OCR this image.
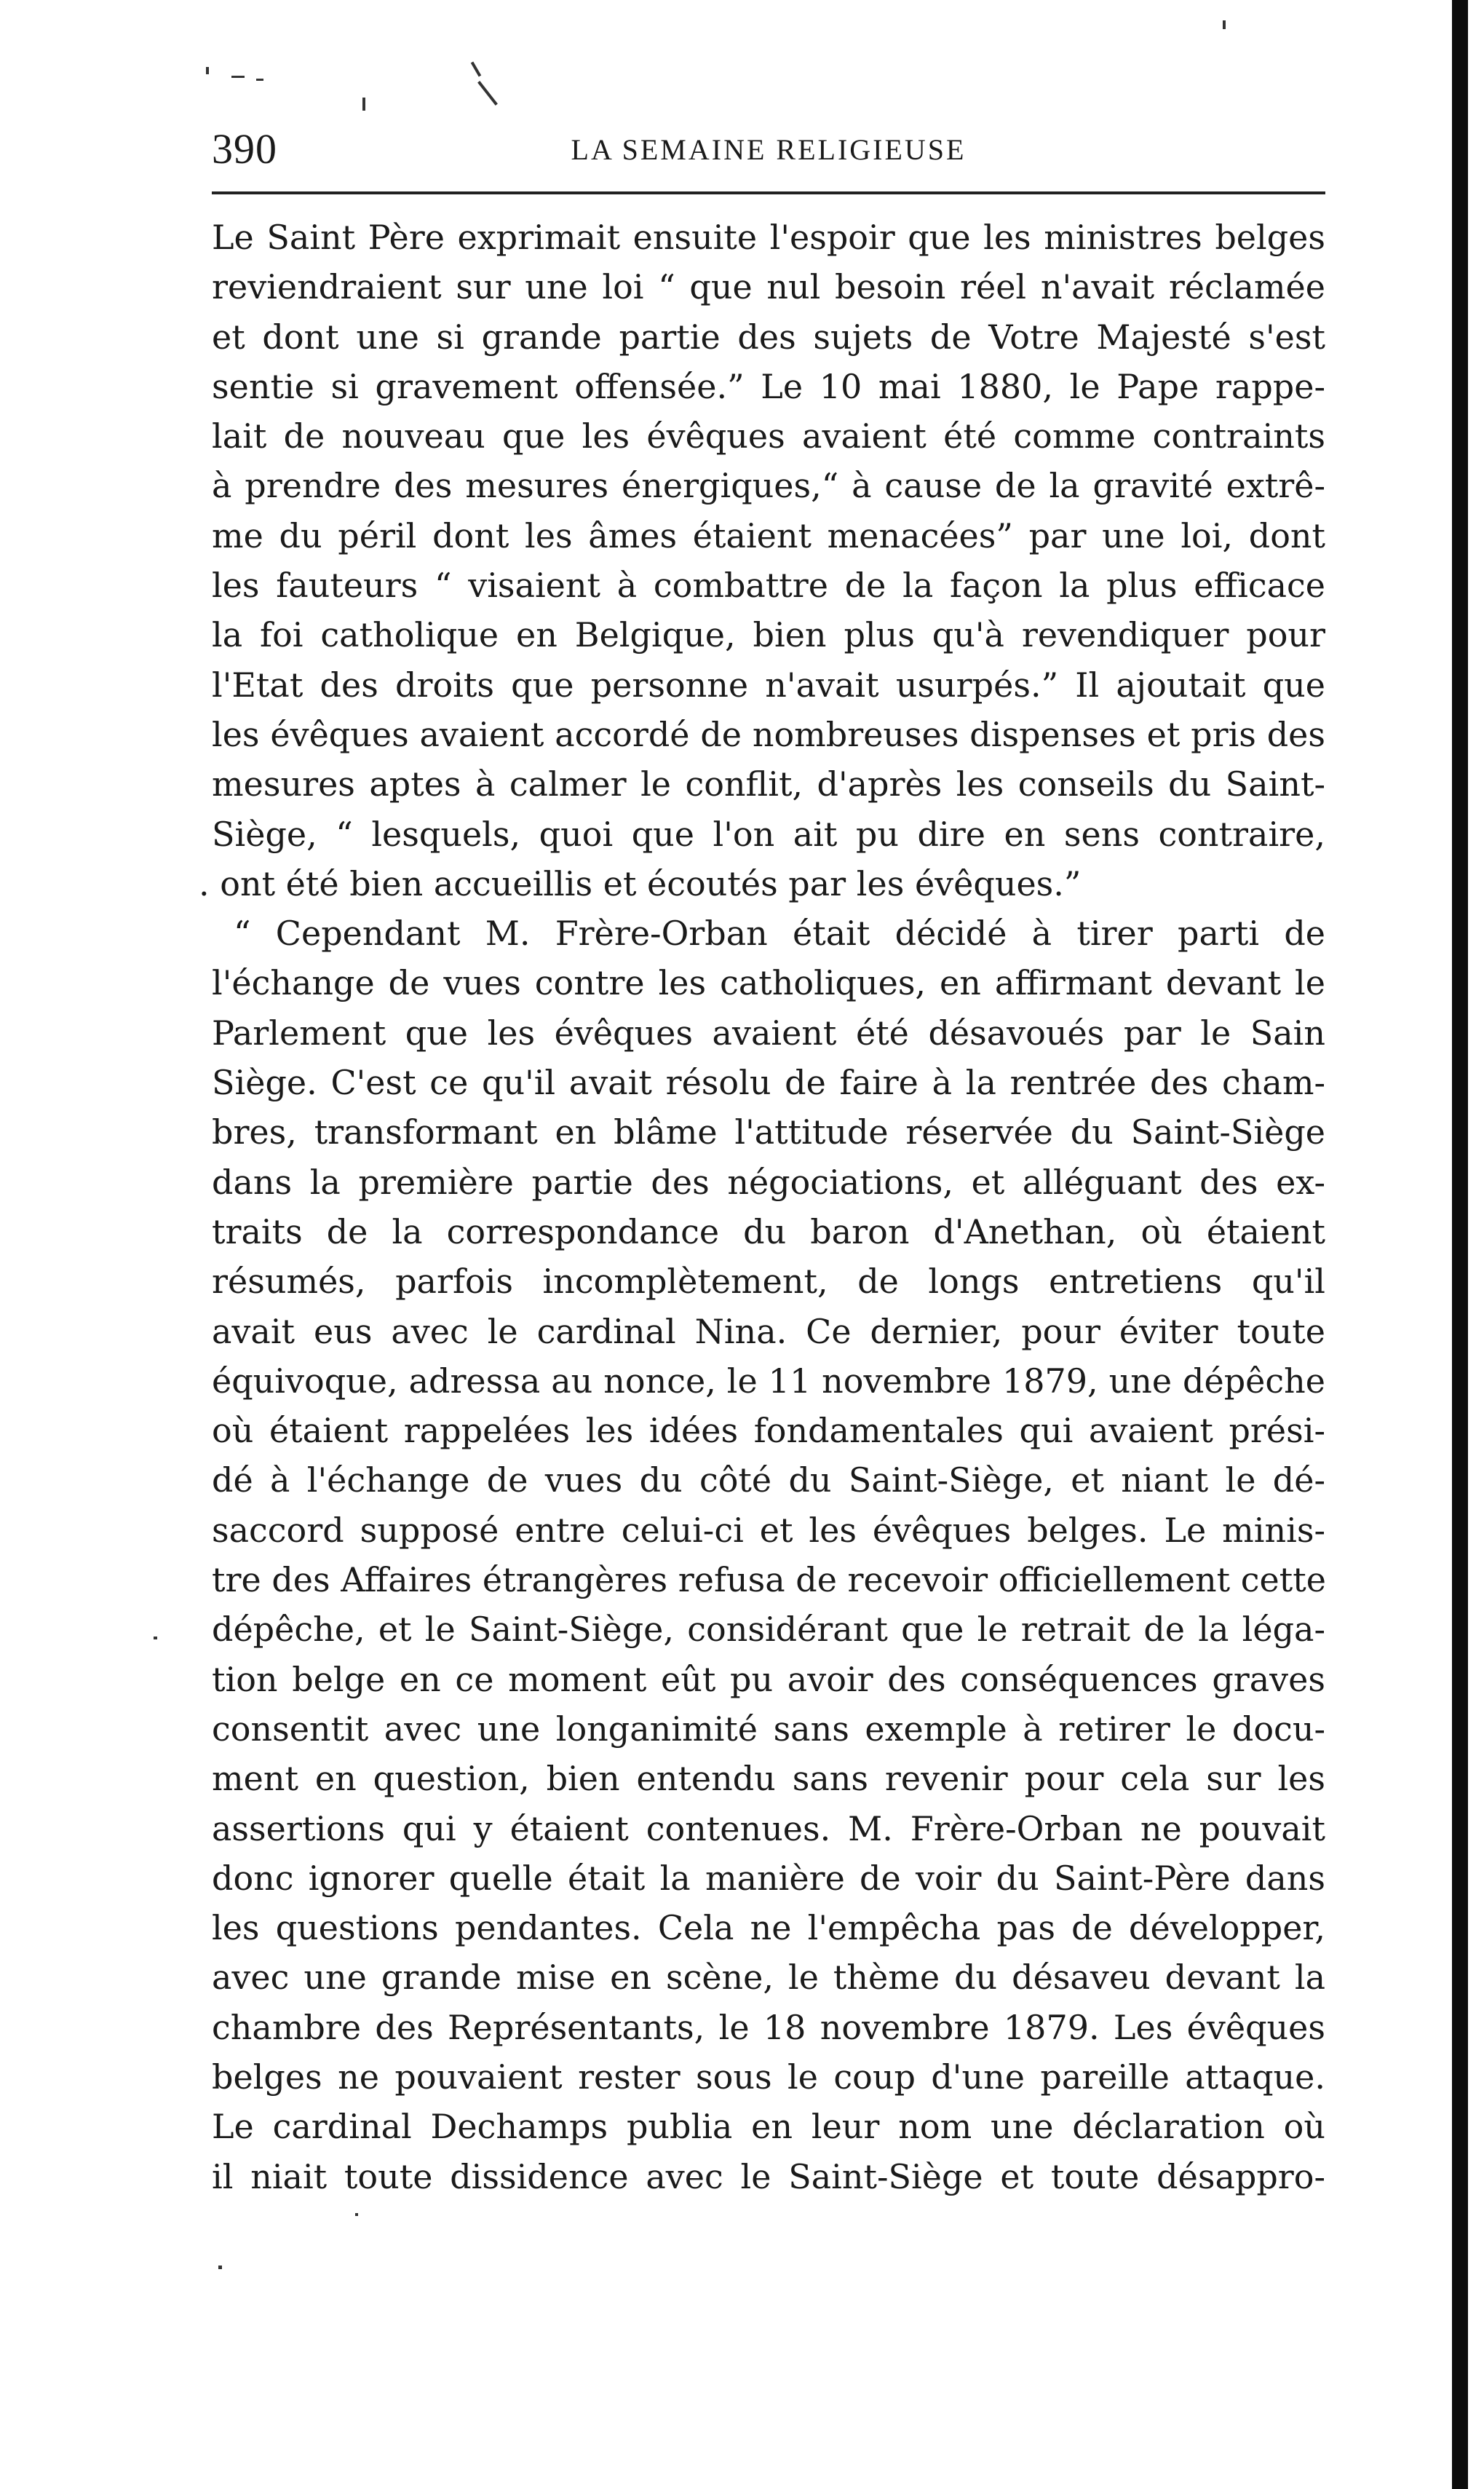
390	LA SEMAINE RELIGIEUSE
Le Saint Père exprimait ensuite l'espoir que les ministres belges
reviendraient sur une loi “ que nul besoin réel n'avait réclamée
et dont une si grande partie des sujets de Votre Majesté s'est
sentie si gravement offensée.” Le 10 mai 1880, le Pape rappe-
lait de nouveau que les évêques avaient été comme contraints
à prendre des mesures énergiques,“ à cause de la gravité extrê-
me du péril dont les âmes étaient menacées” par une loi, dont
les fauteurs “ visaient à combattre de la façon la plus efficace
la foi catholique en Belgique, bien plus qu'à revendiquer pour
l'Etat des droits que personne n'avait usurpés.” Il ajoutait que
les évêques avaient accordé de nombreuses dispenses et pris des
mesures aptes à calmer le conflit, d'après les conseils du Saint-
Siège, “ lesquels, quoi que l'on ait pu dire en sens contraire,
. ont été bien accueillis et écoutés par les évêques.”
“ Cependant M. Frère-Orban était décidé à tirer parti de
l'échange de vues contre les catholiques, en affirmant devant le
Parlement que les évêques avaient été désavoués par le Sain
Siège. C'est ce qu'il avait résolu de faire à la rentrée des cham-
bres, transformant en blâme l'attitude réservée du Saint-Siège
dans la première partie des négociations, et alléguant des ex-
traits de la correspondance du baron d'Anethan, où étaient
résumés, parfois incomplètement, de longs entretiens qu'il
avait eus avec le cardinal Nina. Ce dernier, pour éviter toute
équivoque, adressa au nonce, le 11 novembre 1879, une dépêche
où étaient rappelées les idées fondamentales qui avaient prési-
dé à l'échange de vues du côté du Saint-Siège, et niant le dé-
saccord supposé entre celui-ci et les évêques belges. Le minis-
tre des Affaires étrangères refusa de recevoir officiellement cette
dépêche, et le Saint-Siège, considérant que le retrait de la léga-
tion belge en ce moment eût pu avoir des conséquences graves
consentit avec une longanimité sans exemple à retirer le docu-
ment en question, bien entendu sans revenir pour cela sur les
assertions qui y étaient contenues. M. Frère-Orban ne pouvait
donc ignorer quelle était la manière de voir du Saint-Père dans
les questions pendantes. Cela ne l'empêcha pas de développer,
avec une grande mise en scène, le thème du désaveu devant la
chambre des Représentants, le 18 novembre 1879. Les évêques
belges ne pouvaient rester sous le coup d'une pareille attaque.
Le cardinal Dechamps publia en leur nom une déclaration où
il niait toute dissidence avec le Saint-Siège et toute désappro-
